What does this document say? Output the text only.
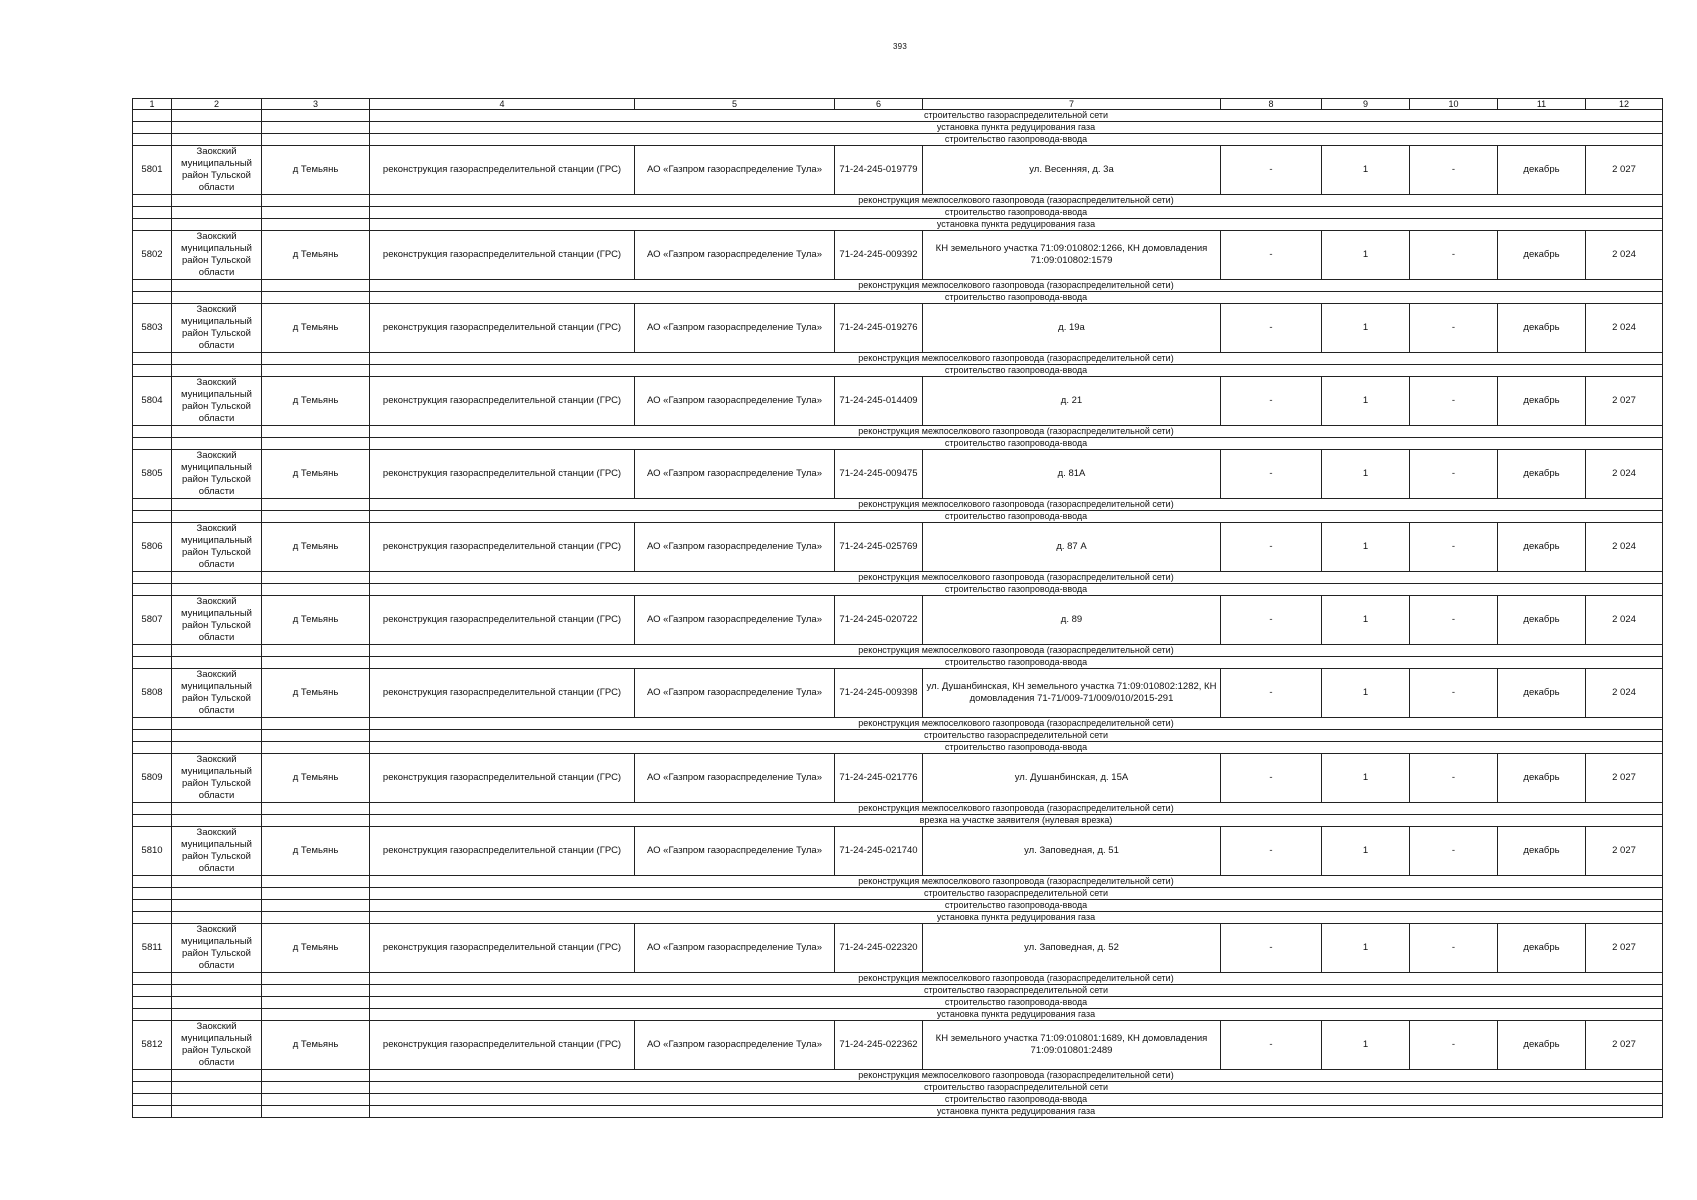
393
1	2	3	4	5	6	7	8	9	10	11	12
			строительство газораспределительной сети								
			установка пункта редуцирования газа								
			строительство газопровода-ввода								
5801	Заокский муниципальный район Тульской области	д Темьянь	реконструкция газораспределительной станции (ГРС)	АО «Газпром газораспределение Тула»	71-24-245-019779	ул. Весенняя, д. 3а	-	1	-	декабрь	2 027
			реконструкция межпоселкового газопровода (газораспределительной сети)								
			строительство газопровода-ввода								
			установка пункта редуцирования газа								
5802	Заокский муниципальный район Тульской области	д Темьянь	реконструкция газораспределительной станции (ГРС)	АО «Газпром газораспределение Тула»	71-24-245-009392	КН земельного участка 71:09:010802:1266, КН домовладения 71:09:010802:1579	-	1	-	декабрь	2 024
			реконструкция межпоселкового газопровода (газораспределительной сети)								
			строительство газопровода-ввода								
5803	Заокский муниципальный район Тульской области	д Темьянь	реконструкция газораспределительной станции (ГРС)	АО «Газпром газораспределение Тула»	71-24-245-019276	д. 19а	-	1	-	декабрь	2 024
			реконструкция межпоселкового газопровода (газораспределительной сети)								
			строительство газопровода-ввода								
5804	Заокский муниципальный район Тульской области	д Темьянь	реконструкция газораспределительной станции (ГРС)	АО «Газпром газораспределение Тула»	71-24-245-014409	д. 21	-	1	-	декабрь	2 027
			реконструкция межпоселкового газопровода (газораспределительной сети)								
			строительство газопровода-ввода								
5805	Заокский муниципальный район Тульской области	д Темьянь	реконструкция газораспределительной станции (ГРС)	АО «Газпром газораспределение Тула»	71-24-245-009475	д. 81А	-	1	-	декабрь	2 024
			реконструкция межпоселкового газопровода (газораспределительной сети)								
			строительство газопровода-ввода								
5806	Заокский муниципальный район Тульской области	д Темьянь	реконструкция газораспределительной станции (ГРС)	АО «Газпром газораспределение Тула»	71-24-245-025769	д. 87 А	-	1	-	декабрь	2 024
			реконструкция межпоселкового газопровода (газораспределительной сети)								
			строительство газопровода-ввода								
5807	Заокский муниципальный район Тульской области	д Темьянь	реконструкция газораспределительной станции (ГРС)	АО «Газпром газораспределение Тула»	71-24-245-020722	д. 89	-	1	-	декабрь	2 024
			реконструкция межпоселкового газопровода (газораспределительной сети)								
			строительство газопровода-ввода								
5808	Заокский муниципальный район Тульской области	д Темьянь	реконструкция газораспределительной станции (ГРС)	АО «Газпром газораспределение Тула»	71-24-245-009398	ул. Душанбинская, КН земельного участка 71:09:010802:1282, КН домовладения 71-71/009-71/009/010/2015-291	-	1	-	декабрь	2 024
			реконструкция межпоселкового газопровода (газораспределительной сети)								
			строительство газораспределительной сети								
			строительство газопровода-ввода								
5809	Заокский муниципальный район Тульской области	д Темьянь	реконструкция газораспределительной станции (ГРС)	АО «Газпром газораспределение Тула»	71-24-245-021776	ул. Душанбинская, д. 15А	-	1	-	декабрь	2 027
			реконструкция межпоселкового газопровода (газораспределительной сети)								
			врезка на участке заявителя (нулевая врезка)								
5810	Заокский муниципальный район Тульской области	д Темьянь	реконструкция газораспределительной станции (ГРС)	АО «Газпром газораспределение Тула»	71-24-245-021740	ул. Заповедная, д. 51	-	1	-	декабрь	2 027
			реконструкция межпоселкового газопровода (газораспределительной сети)								
			строительство газораспределительной сети								
			строительство газопровода-ввода								
			установка пункта редуцирования газа								
5811	Заокский муниципальный район Тульской области	д Темьянь	реконструкция газораспределительной станции (ГРС)	АО «Газпром газораспределение Тула»	71-24-245-022320	ул. Заповедная, д. 52	-	1	-	декабрь	2 027
			реконструкция межпоселкового газопровода (газораспределительной сети)								
			строительство газораспределительной сети								
			строительство газопровода-ввода								
			установка пункта редуцирования газа								
5812	Заокский муниципальный район Тульской области	д Темьянь	реконструкция газораспределительной станции (ГРС)	АО «Газпром газораспределение Тула»	71-24-245-022362	КН земельного участка 71:09:010801:1689, КН домовладения 71:09:010801:2489	-	1	-	декабрь	2 027
			реконструкция межпоселкового газопровода (газораспределительной сети)								
			строительство газораспределительной сети								
			строительство газопровода-ввода								
			установка пункта редуцирования газа								
